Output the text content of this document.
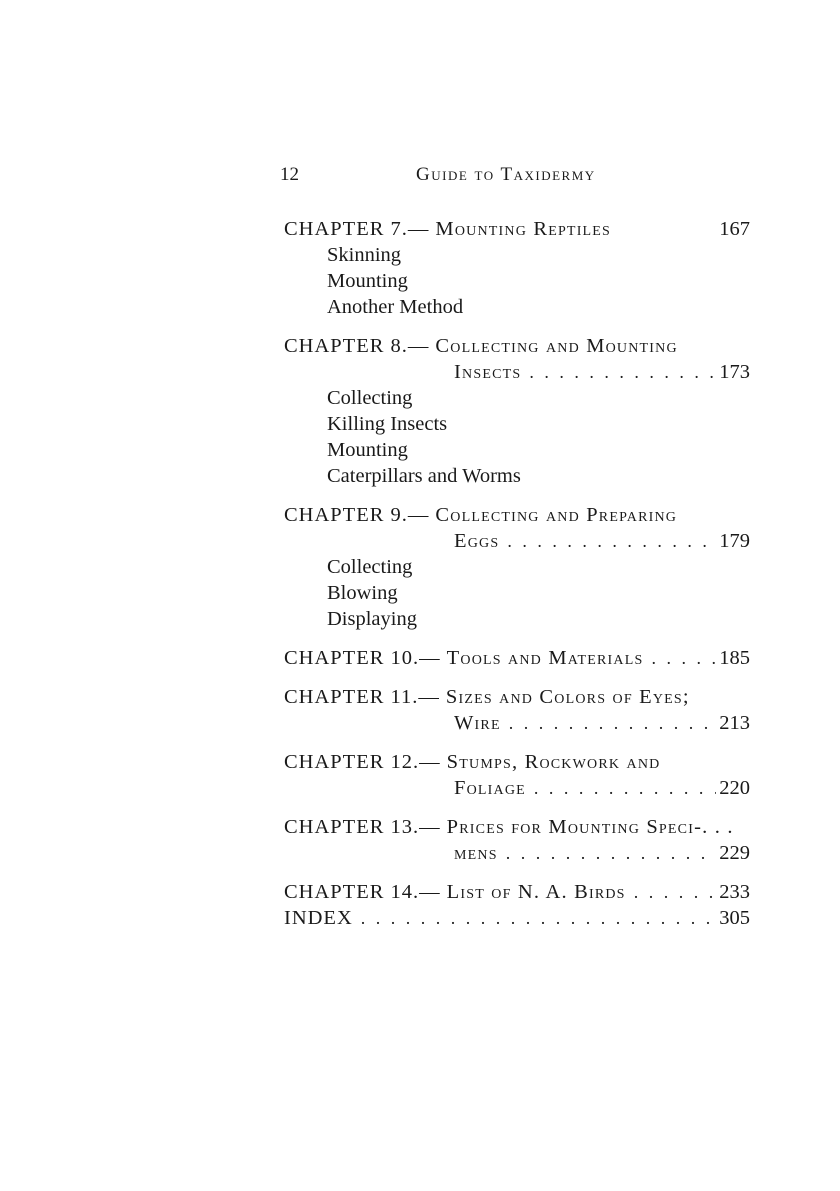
12	Guide to Taxidermy
CHAPTER 7.— Mounting Reptiles	167
Skinning
Mounting
Another Method
CHAPTER 8.— Collecting and Mounting
Insects . . .	173
Collecting
Killing Insects
Mounting
Caterpillars and Worms
CHAPTER 9.— Collecting and Preparing
Eggs . . .	179
Collecting
Blowing
Displaying
CHAPTER 10.— Tools and Materials . . .	185
CHAPTER 11.— Sizes and Colors of Eyes;
Wire . . .	213
CHAPTER 12.— Stumps, Rockwork and
Foliage . . .	220
CHAPTER 13.— Prices for Mounting Speci-. . .
mens . . .	229
CHAPTER 14.— List of N. A. Birds . . .	233
INDEX . . .	305
